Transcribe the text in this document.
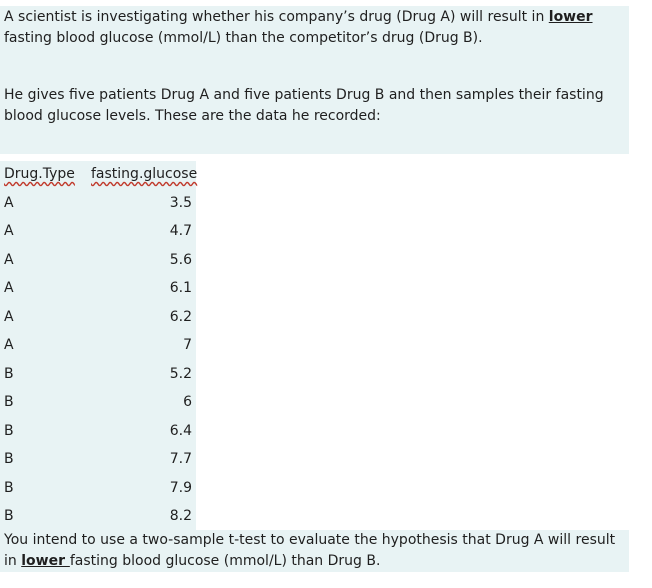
A scientist is investigating whether his company’s drug (Drug A) will result in lower fasting blood glucose (mmol/L) than the competitor’s drug (Drug B).

He gives five patients Drug A and five patients Drug B and then samples their fasting blood glucose levels. These are the data he recorded:

Drug.Type fasting.glucose
A	3.5
A	4.7
A	5.6
A	6.1
A	6.2
A	7
B	5.2
B	6
B	6.4
B	7.7
B	7.9
B	8.2
You intend to use a two-sample t-test to evaluate the hypothesis that Drug A will result in lower fasting blood glucose (mmol/L) than Drug B.
